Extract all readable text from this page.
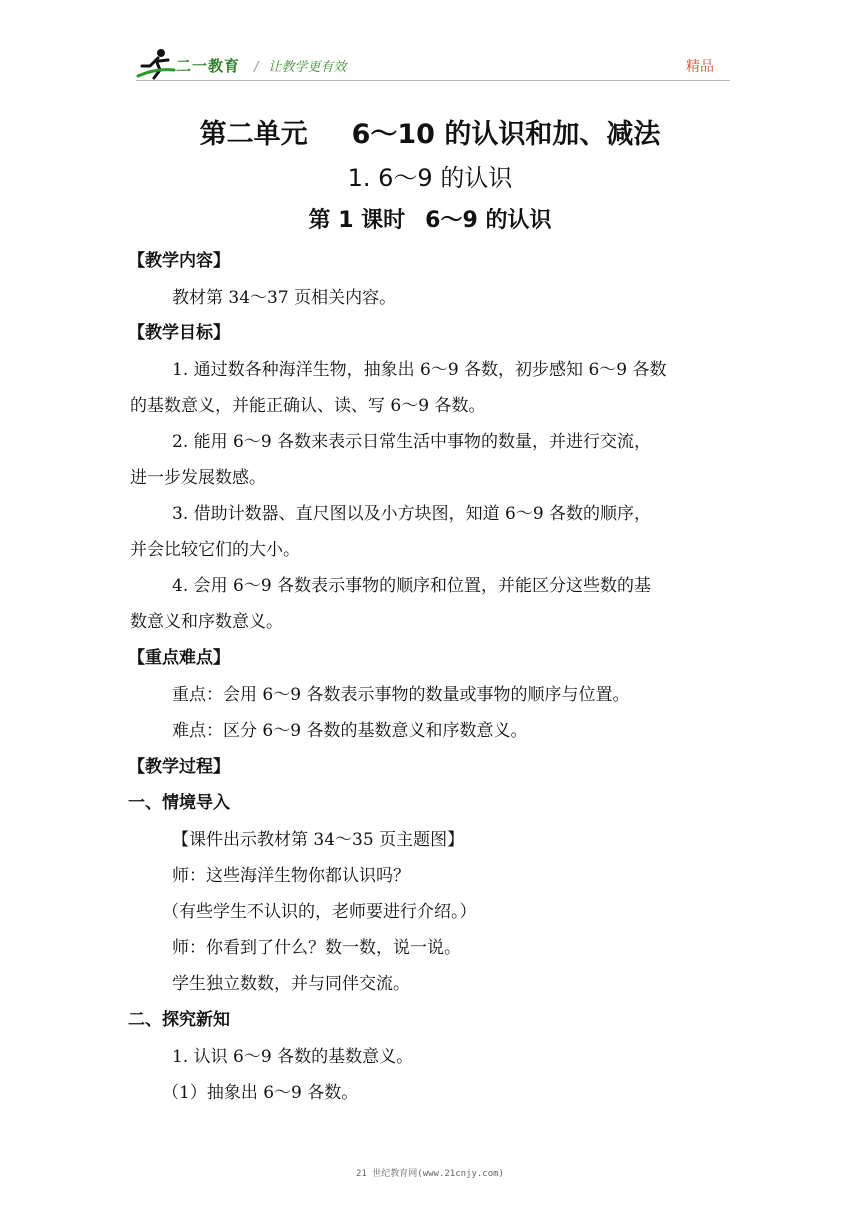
二一教育 / 让教学更有效	精品
第二单元 6～10 的认识和加、减法
1. 6～9 的认识
第 1 课时 6～9 的认识
【教学内容】
教材第 34～37 页相关内容。
【教学目标】
1. 通过数各种海洋生物，抽象出 6～9 各数，初步感知 6～9 各数
的基数意义，并能正确认、读、写 6～9 各数。
2. 能用 6～9 各数来表示日常生活中事物的数量，并进行交流，
进一步发展数感。
3. 借助计数器、直尺图以及小方块图，知道 6～9 各数的顺序，
并会比较它们的大小。
4. 会用 6～9 各数表示事物的顺序和位置，并能区分这些数的基
数意义和序数意义。
【重点难点】
重点：会用 6～9 各数表示事物的数量或事物的顺序与位置。
难点：区分 6～9 各数的基数意义和序数意义。
【教学过程】
一、情境导入
【课件出示教材第 34～35 页主题图】
师：这些海洋生物你都认识吗？
（有些学生不认识的，老师要进行介绍。）
师：你看到了什么？数一数，说一说。
学生独立数数，并与同伴交流。
二、探究新知
1. 认识 6～9 各数的基数意义。
（1）抽象出 6～9 各数。
21 世纪教育网(www.21cnjy.com)
